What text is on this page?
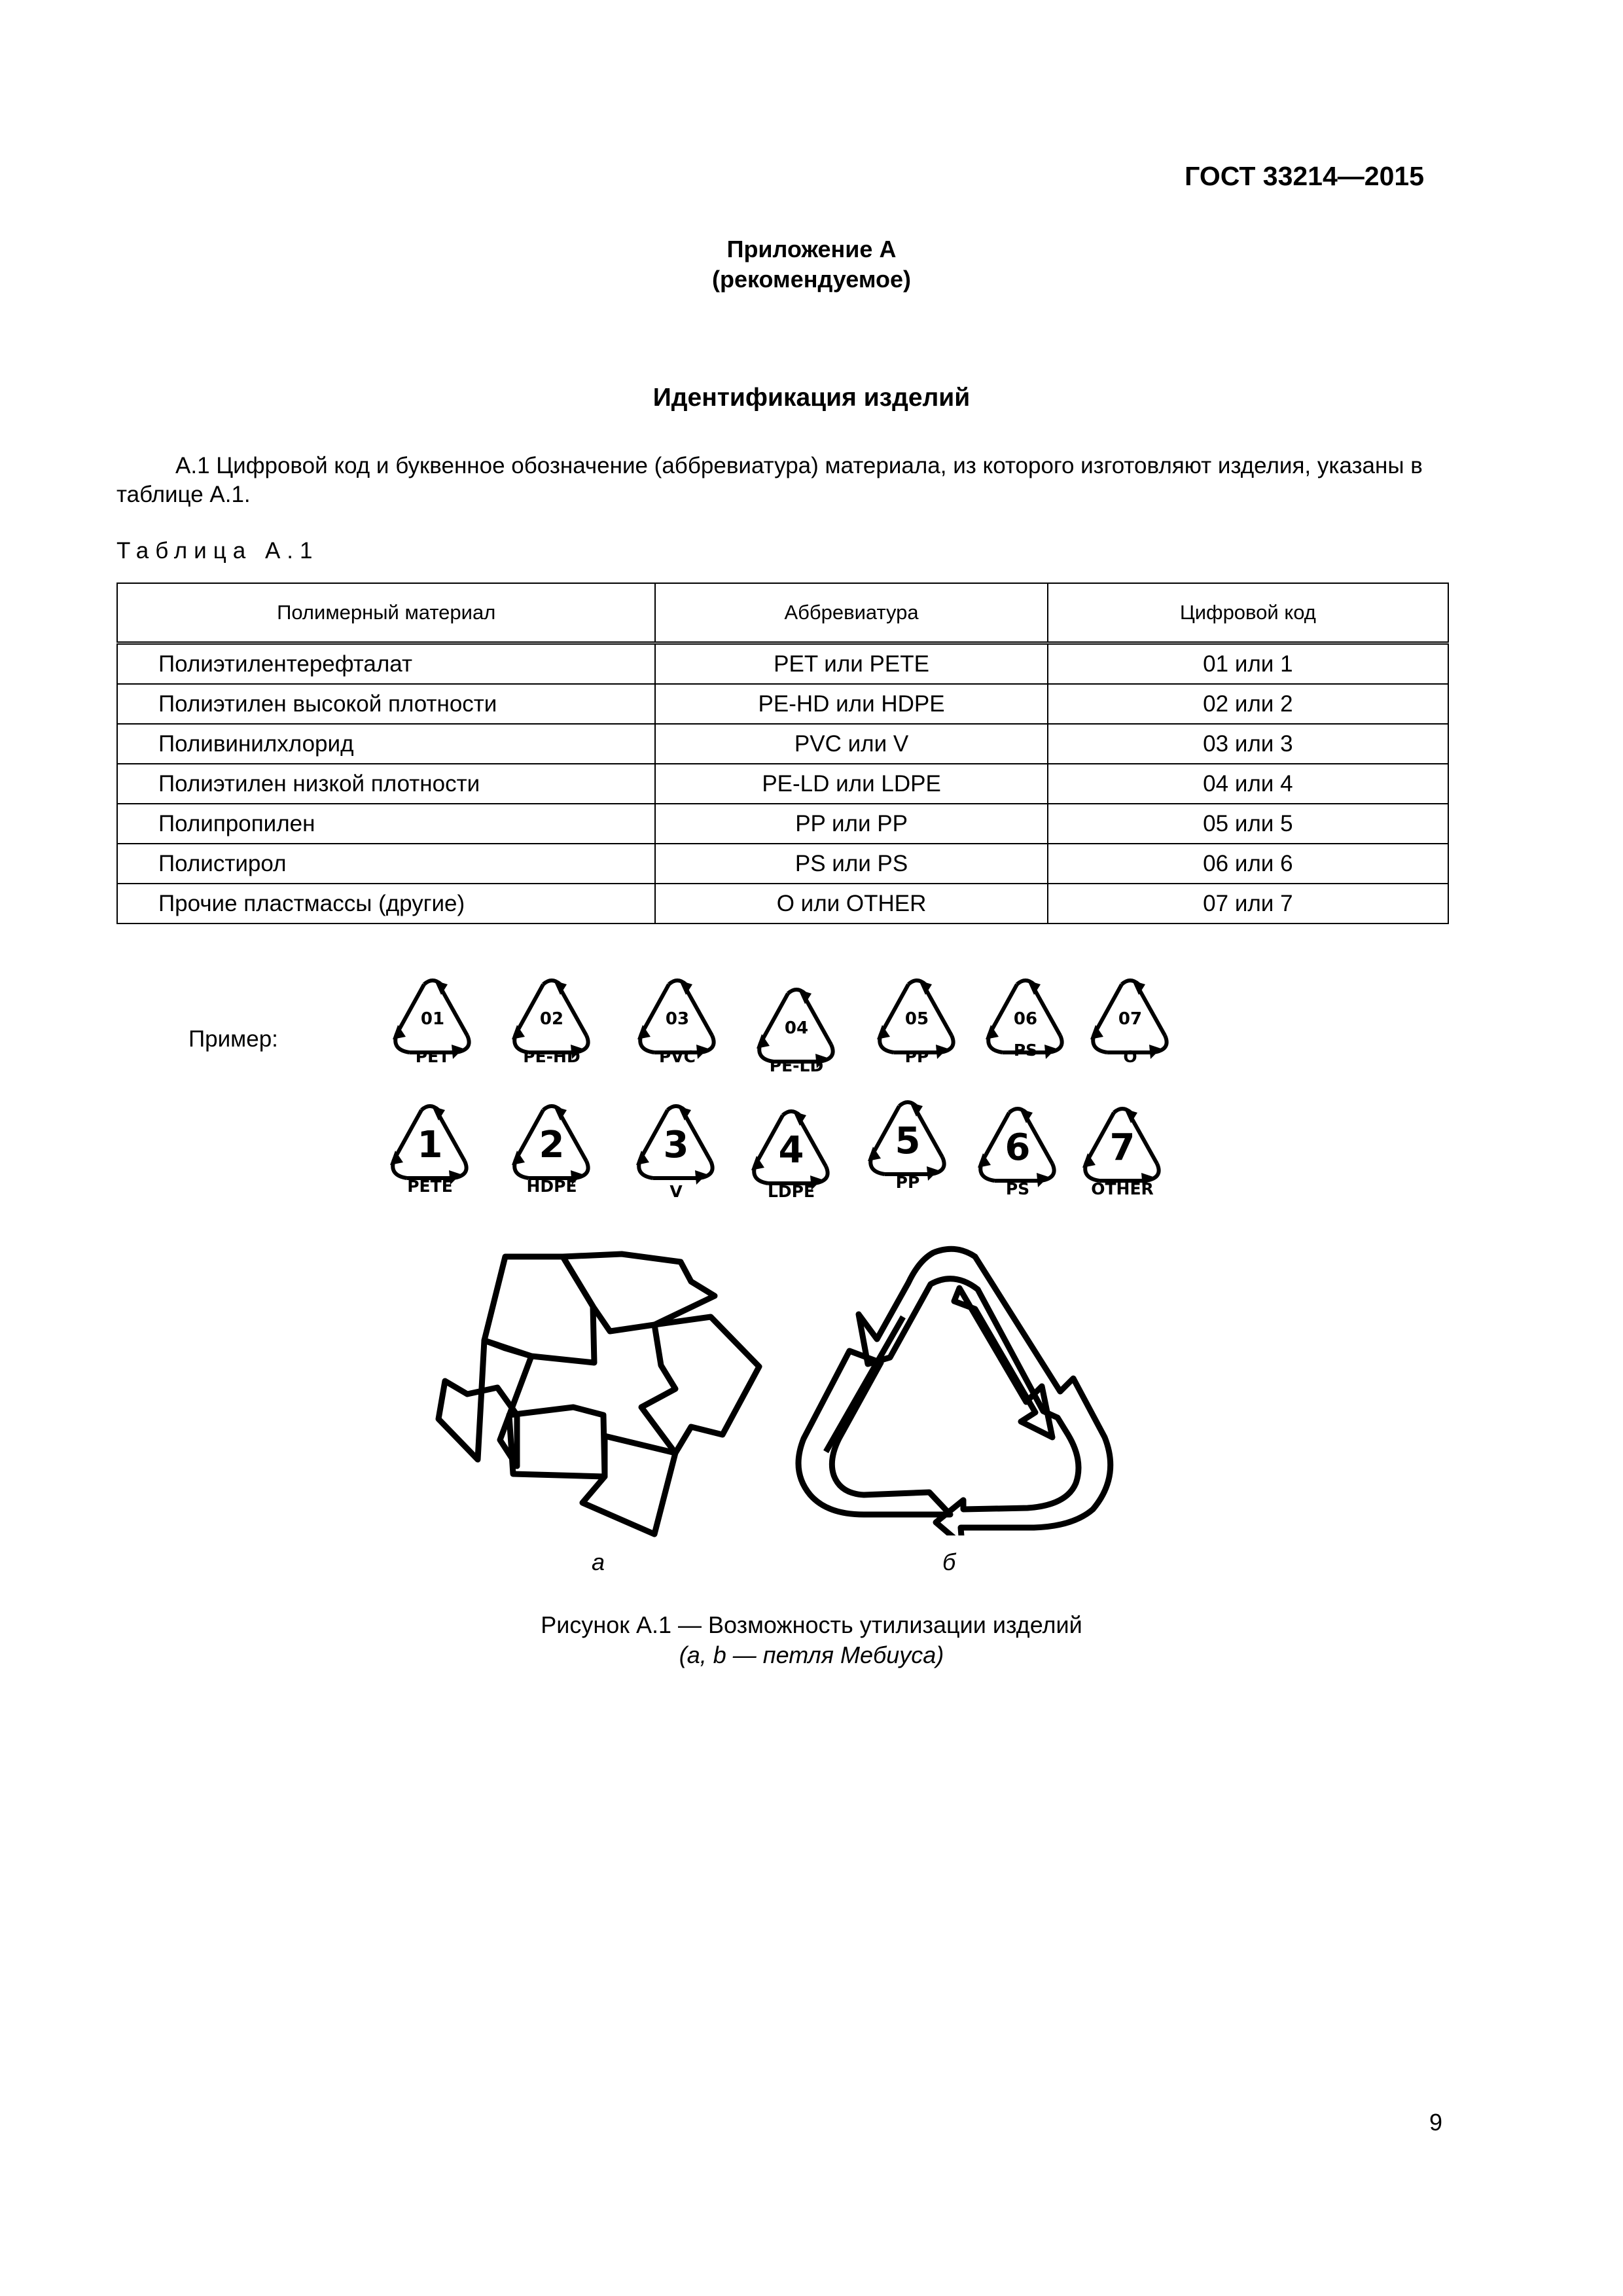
ГОСТ 33214—2015
Приложение А
(рекомендуемое)
Идентификация изделий
А.1 Цифровой код и буквенное обозначение (аббревиатура) материала, из которого изготовляют изделия, указаны в таблице А.1.
Таблица А.1
Полимерный материал	Аббревиатура	Цифровой код
Полиэтилентерефталат	PET или PETE	01 или 1
Полиэтилен высокой плотности	PE-HD или HDPE	02 или 2
Поливинилхлорид	PVC или V	03 или 3
Полиэтилен низкой плотности	PE-LD или LDPE	04 или 4
Полипропилен	PP или PP	05 или 5
Полистирол	PS или PS	06 или 6
Прочие пластмассы (другие)	O или OTHER	07 или 7
Пример:
01
PET
02
PE-HD
03
PVC
04
PE-LD
05
PP
06
PS
07
O
1
PETE
2
HDPE
3
V
4
LDPE
5
PP
6
PS
7
OTHER
а	б
Рисунок А.1 — Возможность утилизации изделий
(a, b — петля Мебиуса)
9
